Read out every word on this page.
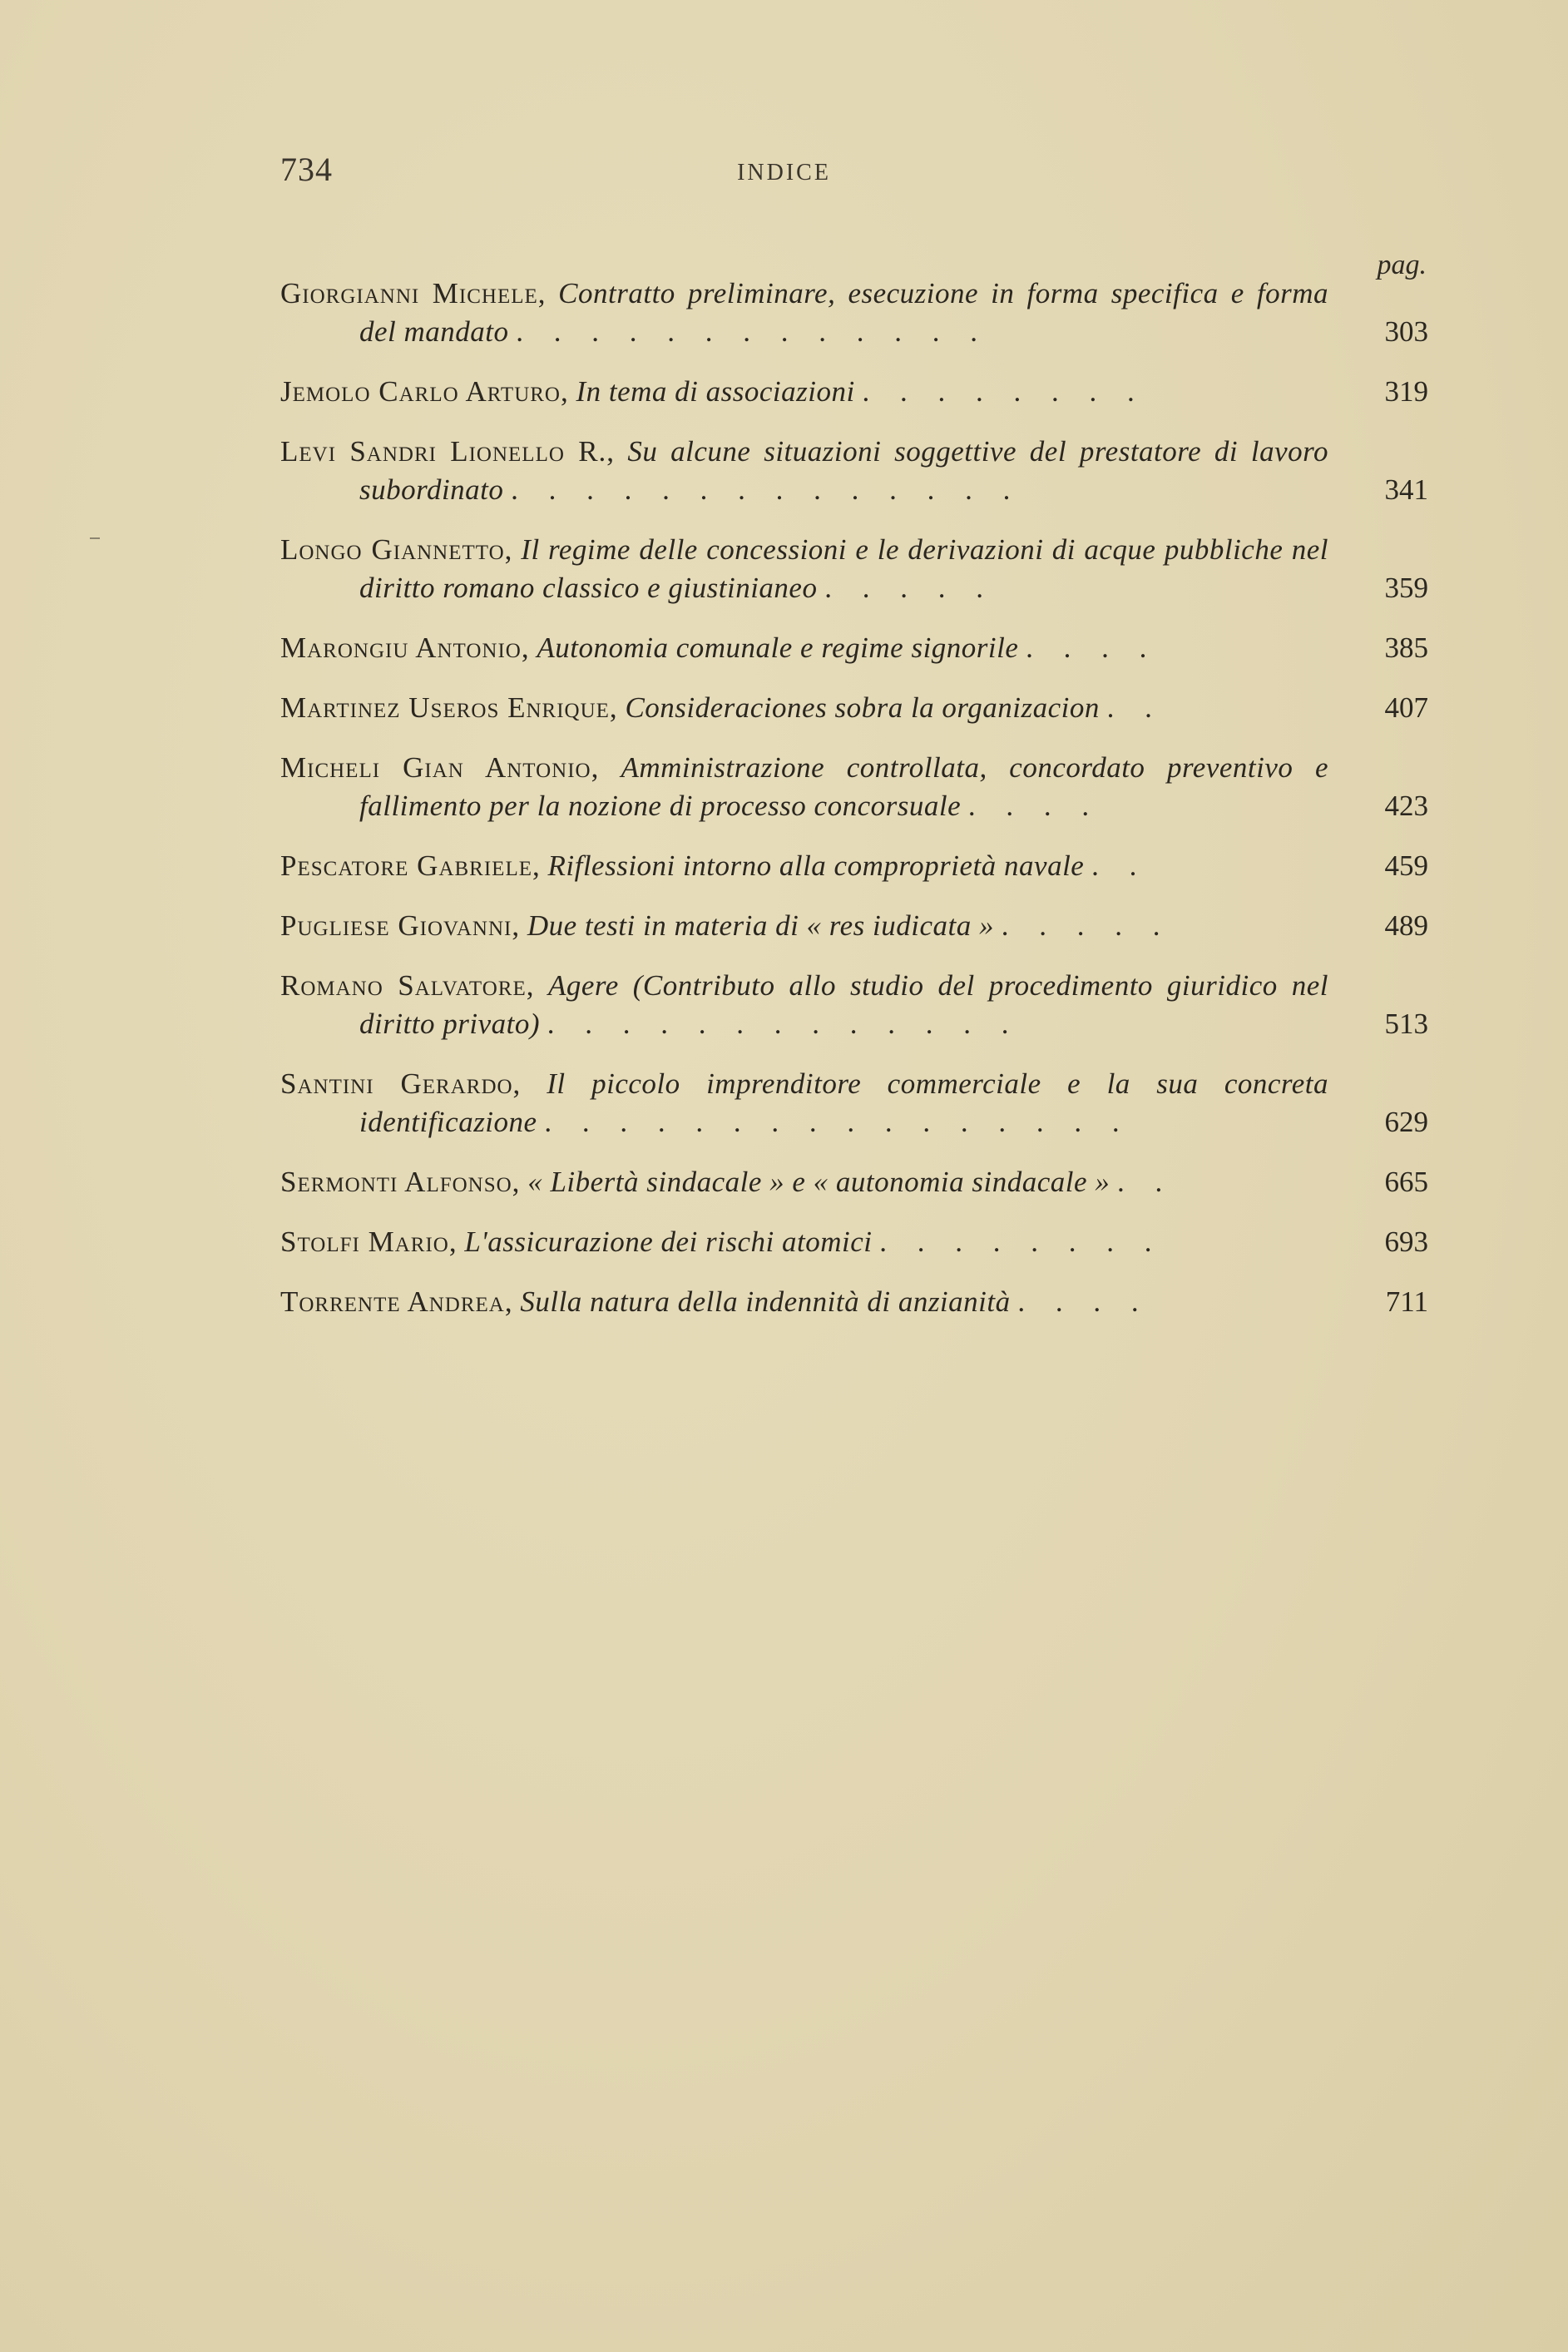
734	INDICE
pag.
Giorgianni Michele, Contratto preliminare, esecuzione in forma specifica e forma del mandato . . . . . . . . . . . . .	303
Jemolo Carlo Arturo, In tema di associazioni . . . . . . . .	319
Levi Sandri Lionello R., Su alcune situazioni soggettive del prestatore di lavoro subordinato . . . . . . . . . . . . . .	341
Longo Giannetto, Il regime delle concessioni e le derivazioni di acque pubbliche nel diritto romano classico e giustinianeo . . . . .	359
Marongiu Antonio, Autonomia comunale e regime signorile . . . .	385
Martinez Useros Enrique, Consideraciones sobra la organizacion . .	407
Micheli Gian Antonio, Amministrazione controllata, concordato preventivo e fallimento per la nozione di processo concorsuale . . . .	423
Pescatore Gabriele, Riflessioni intorno alla comproprietà navale . .	459
Pugliese Giovanni, Due testi in materia di « res iudicata » . . . . .	489
Romano Salvatore, Agere (Contributo allo studio del procedimento giuridico nel diritto privato) . . . . . . . . . . . . .	513
Santini Gerardo, Il piccolo imprenditore commerciale e la sua concreta identificazione . . . . . . . . . . . . . . . .	629
Sermonti Alfonso, « Libertà sindacale » e « autonomia sindacale » . .	665
Stolfi Mario, L'assicurazione dei rischi atomici . . . . . . . .	693
Torrente Andrea, Sulla natura della indennità di anzianità . . . .	711
